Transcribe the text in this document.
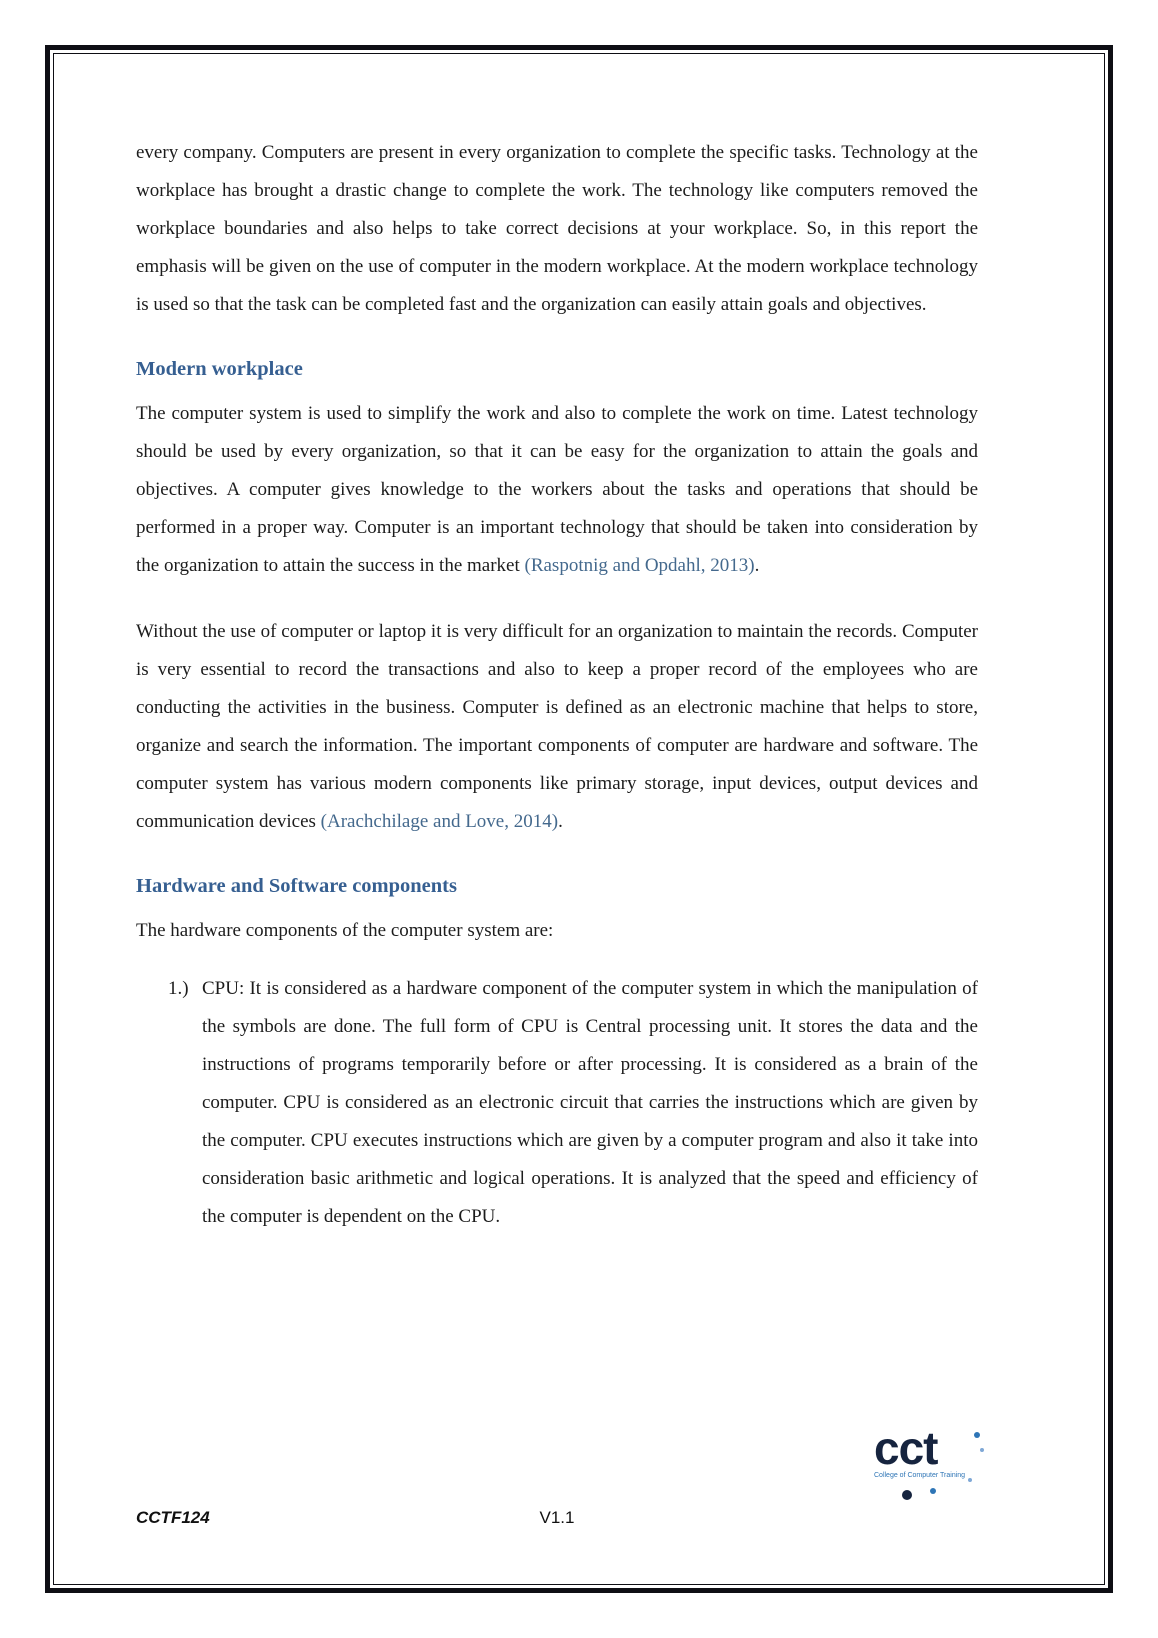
every company. Computers are present in every organization to complete the specific tasks. Technology at the workplace has brought a drastic change to complete the work. The technology like computers removed the workplace boundaries and also helps to take correct decisions at your workplace. So, in this report the emphasis will be given on the use of computer in the modern workplace. At the modern workplace technology is used so that the task can be completed fast and the organization can easily attain goals and objectives.

Modern workplace

The computer system is used to simplify the work and also to complete the work on time. Latest technology should be used by every organization, so that it can be easy for the organization to attain the goals and objectives. A computer gives knowledge to the workers about the tasks and operations that should be performed in a proper way. Computer is an important technology that should be taken into consideration by the organization to attain the success in the market (Raspotnig and Opdahl, 2013).

Without the use of computer or laptop it is very difficult for an organization to maintain the records. Computer is very essential to record the transactions and also to keep a proper record of the employees who are conducting the activities in the business. Computer is defined as an electronic machine that helps to store, organize and search the information. The important components of computer are hardware and software. The computer system has various modern components like primary storage, input devices, output devices and communication devices (Arachchilage and Love, 2014).

Hardware and Software components

The hardware components of the computer system are:

1.) CPU: It is considered as a hardware component of the computer system in which the manipulation of the symbols are done. The full form of CPU is Central processing unit. It stores the data and the instructions of programs temporarily before or after processing. It is considered as a brain of the computer. CPU is considered as an electronic circuit that carries the instructions which are given by the computer. CPU executes instructions which are given by a computer program and also it take into consideration basic arithmetic and logical operations. It is analyzed that the speed and efficiency of the computer is dependent on the CPU.
CCTF124	V1.1
cct
College of Computer Training
